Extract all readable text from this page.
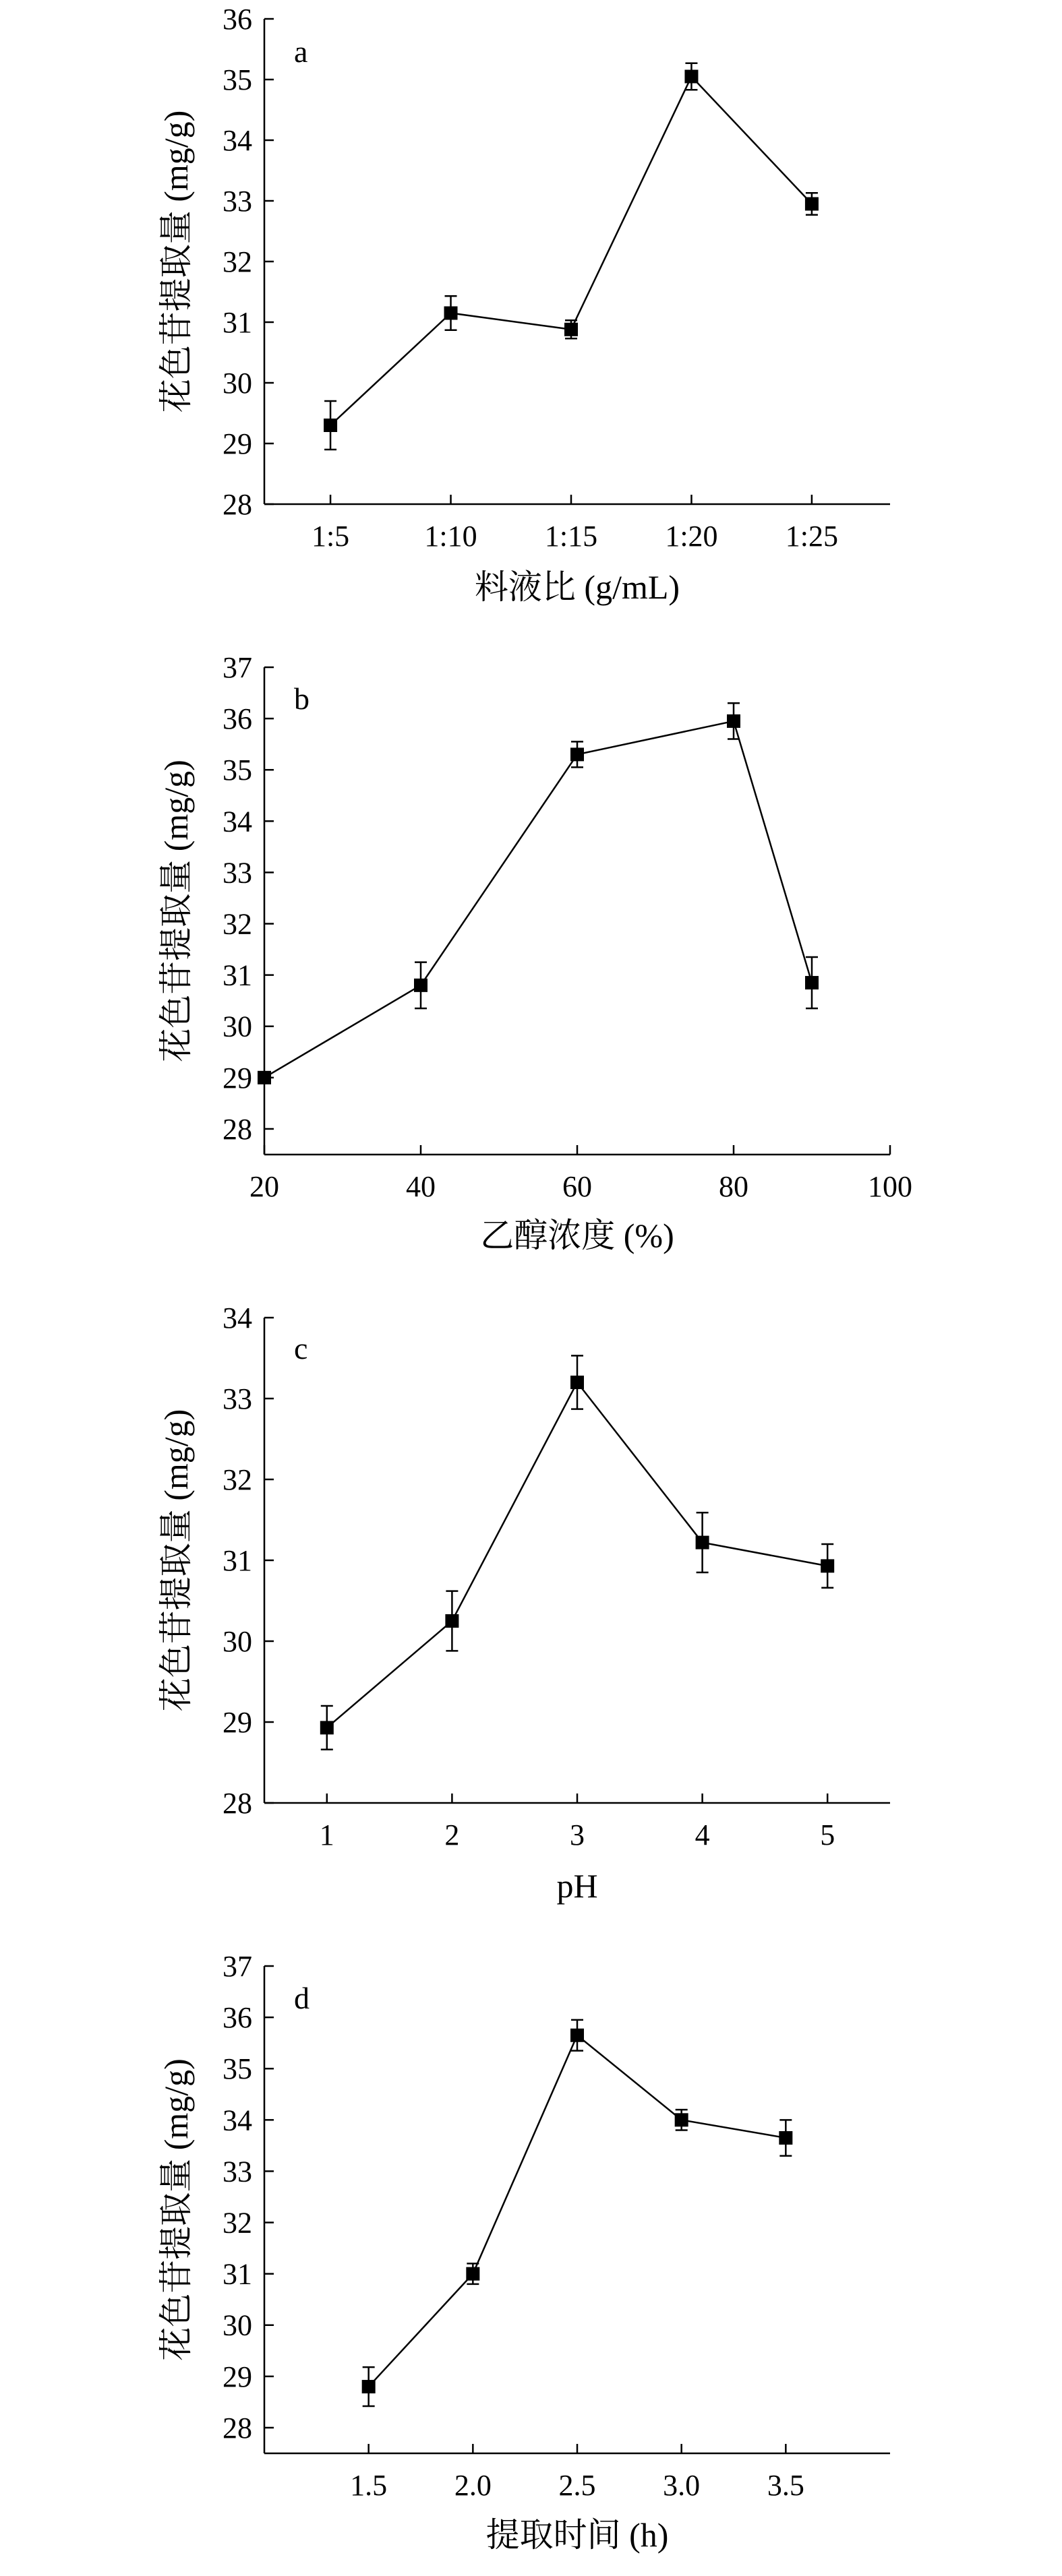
28
29
30
31
32
33
34
35
36
1:5	1:10 1:15 1:20 1:25
a
料液比 (g/mL)
花色苷提取量 (mg/g)
28
29
30
31
32
33
34
35
36
37
20	40	60	80	100
b
乙醇浓度 (%)
花色苷提取量 (mg/g)
28
29
30
31
32
33
34
1	2	3	4	5
c
pH
花色苷提取量 (mg/g)
28
29
30
31
32
33
34
35
36
37
1.5 2.0 2.5 3.0 3.5
d
提取时间 (h)
花色苷提取量 (mg/g)
